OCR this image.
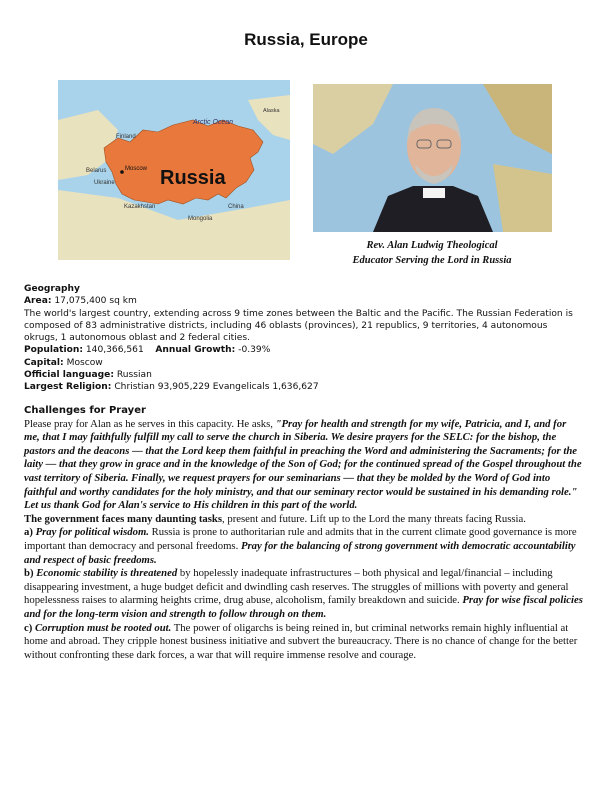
Russia, Europe
Russia
Arctic Ocean
Alaska
Finland
Belarus
Ukraine
Moscow
Kazakhstan
Mongolia
China
Rev. Alan Ludwig Theological
Educator Serving the Lord in Russia
Geography
Area: 17,075,400 sq km
The world's largest country, extending across 9 time zones between the Baltic and the Pacific. The Russian Federation is composed of 83 administrative districts, including 46 oblasts (provinces), 21 republics, 9 territories, 4 autonomous okrugs, 1 autonomous oblast and 2 federal cities.
Population: 140,366,561 Annual Growth: -0.39%
Capital: Moscow
Official language: Russian
Largest Religion: Christian 93,905,229 Evangelicals 1,636,627
Challenges for Prayer

Please pray for Alan as he serves in this capacity. He asks, "Pray for health and strength for my wife, Patricia, and I, and for me, that I may faithfully fulfill my call to serve the church in Siberia. We desire prayers for the SELC: for the bishop, the pastors and the deacons — that the Lord keep them faithful in preaching the Word and administering the Sacraments; for the laity — that they grow in grace and in the knowledge of the Son of God; for the continued spread of the Gospel throughout the vast territory of Siberia. Finally, we request prayers for our seminarians — that they be molded by the Word of God into faithful and worthy candidates for the holy ministry, and that our seminary rector would be sustained in his demanding role." Let us thank God for Alan's service to His children in this part of the world.

The government faces many daunting tasks, present and future. Lift up to the Lord the many threats facing Russia.

a) Pray for political wisdom. Russia is prone to authoritarian rule and admits that in the current climate good governance is more important than democracy and personal freedoms. Pray for the balancing of strong government with democratic accountability and respect of basic freedoms.

b) Economic stability is threatened by hopelessly inadequate infrastructures – both physical and legal/financial – including disappearing investment, a huge budget deficit and dwindling cash reserves. The struggles of millions with poverty and general hopelessness raises to alarming heights crime, drug abuse, alcoholism, family breakdown and suicide. Pray for wise fiscal policies and for the long-term vision and strength to follow through on them.

c) Corruption must be rooted out. The power of oligarchs is being reined in, but criminal networks remain highly influential at home and abroad. They cripple honest business initiative and subvert the bureaucracy. There is no chance of change for the better without confronting these dark forces, a war that will require immense resolve and courage.
